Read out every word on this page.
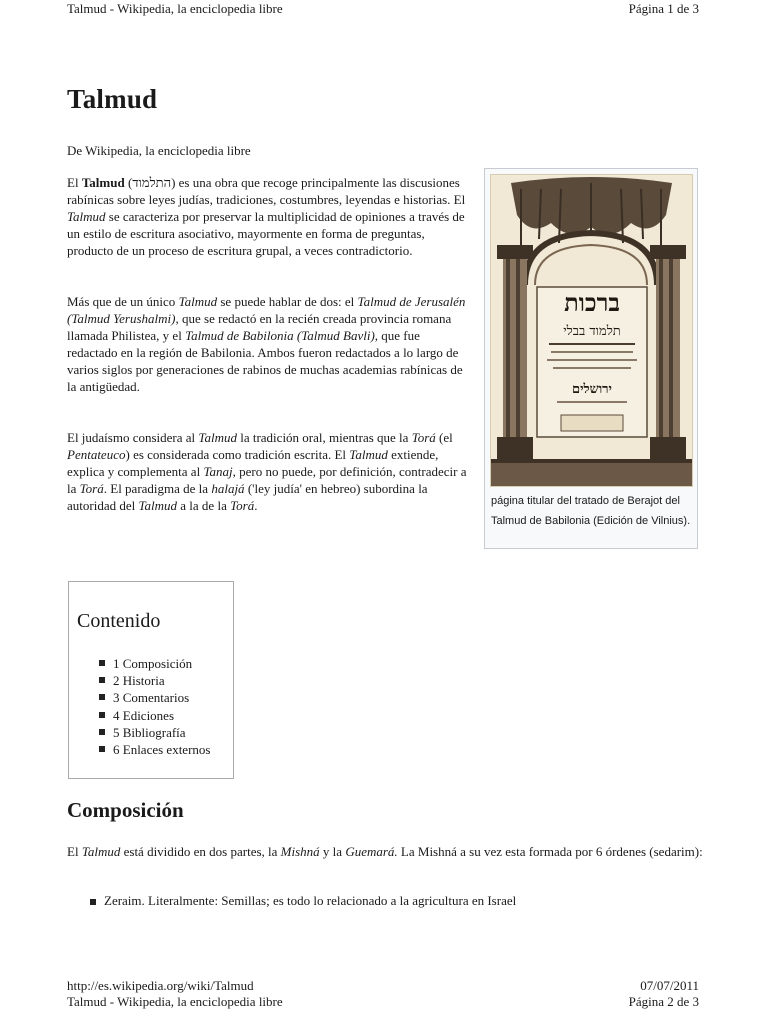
Talmud - Wikipedia, la enciclopedia libre	Página 1 de 3
Talmud
De Wikipedia, la enciclopedia libre

El Talmud (התלמוד) es una obra que recoge principalmente las discusiones rabínicas sobre leyes judías, tradiciones, costumbres, leyendas e historias. El Talmud se caracteriza por preservar la multiplicidad de opiniones a través de un estilo de escritura asociativo, mayormente en forma de preguntas, producto de un proceso de escritura grupal, a veces contradictorio.

Más que de un único Talmud se puede hablar de dos: el Talmud de Jerusalén (Talmud Yerushalmi), que se redactó en la recién creada provincia romana llamada Philistea, y el Talmud de Babilonia (Talmud Bavli), que fue redactado en la región de Babilonia. Ambos fueron redactados a lo largo de varios siglos por generaciones de rabinos de muchas academias rabínicas de la antigüedad.

El judaísmo considera al Talmud la tradición oral, mientras que la Torá (el Pentateuco) es considerada como tradición escrita. El Talmud extiende, explica y complementa al Tanaj, pero no puede, por definición, contradecir a la Torá. El paradigma de la halajá ('ley judía' en hebreo) subordina la autoridad del Talmud a la de la Torá.

ברכות
תלמוד בבלי
ירושלים
página titular del tratado de Berajot del Talmud de Babilonia (Edición de Vilnius).
Contenido
1 Composición
2 Historia
3 Comentarios
4 Ediciones
5 Bibliografía
6 Enlaces externos
Composición

El Talmud está dividido en dos partes, la Mishná y la Guemará. La Mishná a su vez esta formada por 6 órdenes (sedarim):

Zeraim. Literalmente: Semillas; es todo lo relacionado a la agricultura en Israel
http://es.wikipedia.org/wiki/Talmud	07/07/2011
Talmud - Wikipedia, la enciclopedia libre	Página 2 de 3
